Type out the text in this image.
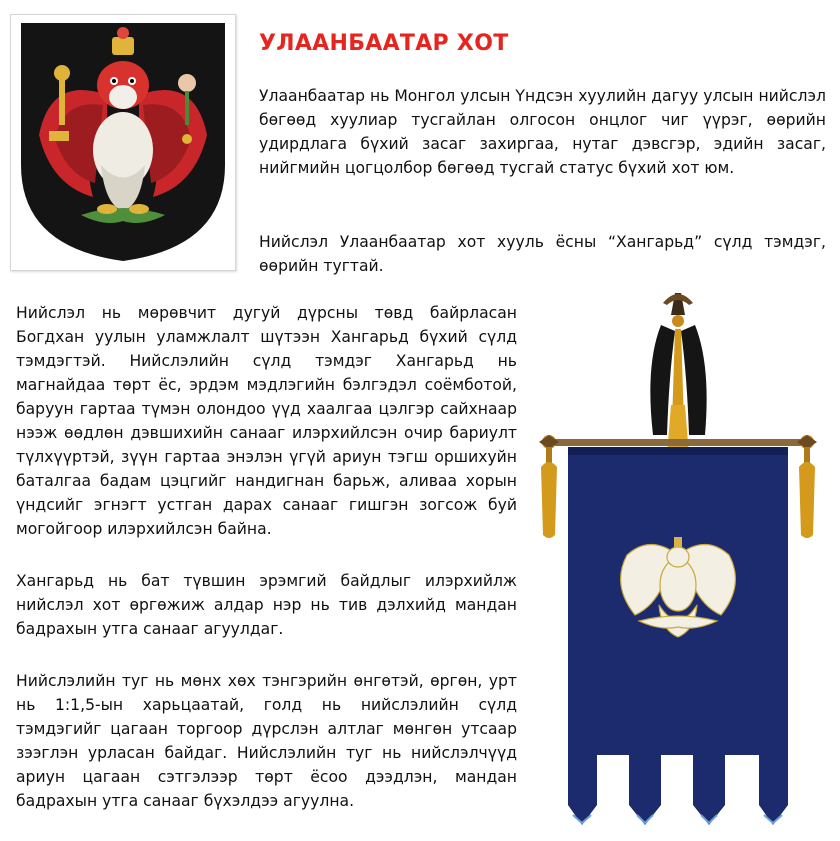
УЛААНБААТАР ХОТ

Улаанбаатар нь Монгол улсын Үндсэн хуулийн дагуу улсын нийслэл бөгөөд хуулиар тусгайлан олгосон онцлог чиг үүрэг, өөрийн удирдлага бүхий засаг захиргаа, нутаг дэвсгэр, эдийн засаг, нийгмийн цогцолбор бөгөөд тусгай статус бүхий хот юм.

Нийслэл Улаанбаатар хот хууль ёсны “Хангарьд” сүлд тэмдэг, өөрийн тугтай.

Нийслэл нь мөрөвчит дугуй дүрсны төвд байрласан Богдхан уулын уламжлалт шүтээн Хангарьд бүхий сүлд тэмдэгтэй. Нийслэлийн сүлд тэмдэг Хангарьд нь магнайдаа төрт ёс, эрдэм мэдлэгийн бэлгэдэл соёмботой, баруун гартаа түмэн олондоо үүд хаалгаа цэлгэр сайхнаар нээж өөдлөн дэвшихийн санааг илэрхийлсэн очир бариулт түлхүүртэй, зүүн гартаа энэлэн үгүй ариун тэгш оршихуйн баталгаа бадам цэцгийг нандигнан барьж, аливаа хорын үндсийг эгнэгт устган дарах санааг гишгэн зогсож буй могойгоор илэрхийлсэн байна.

Хангарьд нь бат түвшин эрэмгий байдлыг илэрхийлж нийслэл хот өргөжиж алдар нэр нь тив дэлхийд мандан бадрахын утга санааг агуулдаг.

Нийслэлийн туг нь мөнх хөх тэнгэрийн өнгөтэй, өргөн, урт нь 1:1,5-ын харьцаатай, голд нь нийслэлийн сүлд тэмдэгийг цагаан торгоор дүрслэн алтлаг мөнгөн утсаар зээглэн урласан байдаг. Нийслэлийн туг нь нийслэлчүүд ариун цагаан сэтгэлээр төрт ёсоо дээдлэн, мандан бадрахын утга санааг бүхэлдээ агуулна.
